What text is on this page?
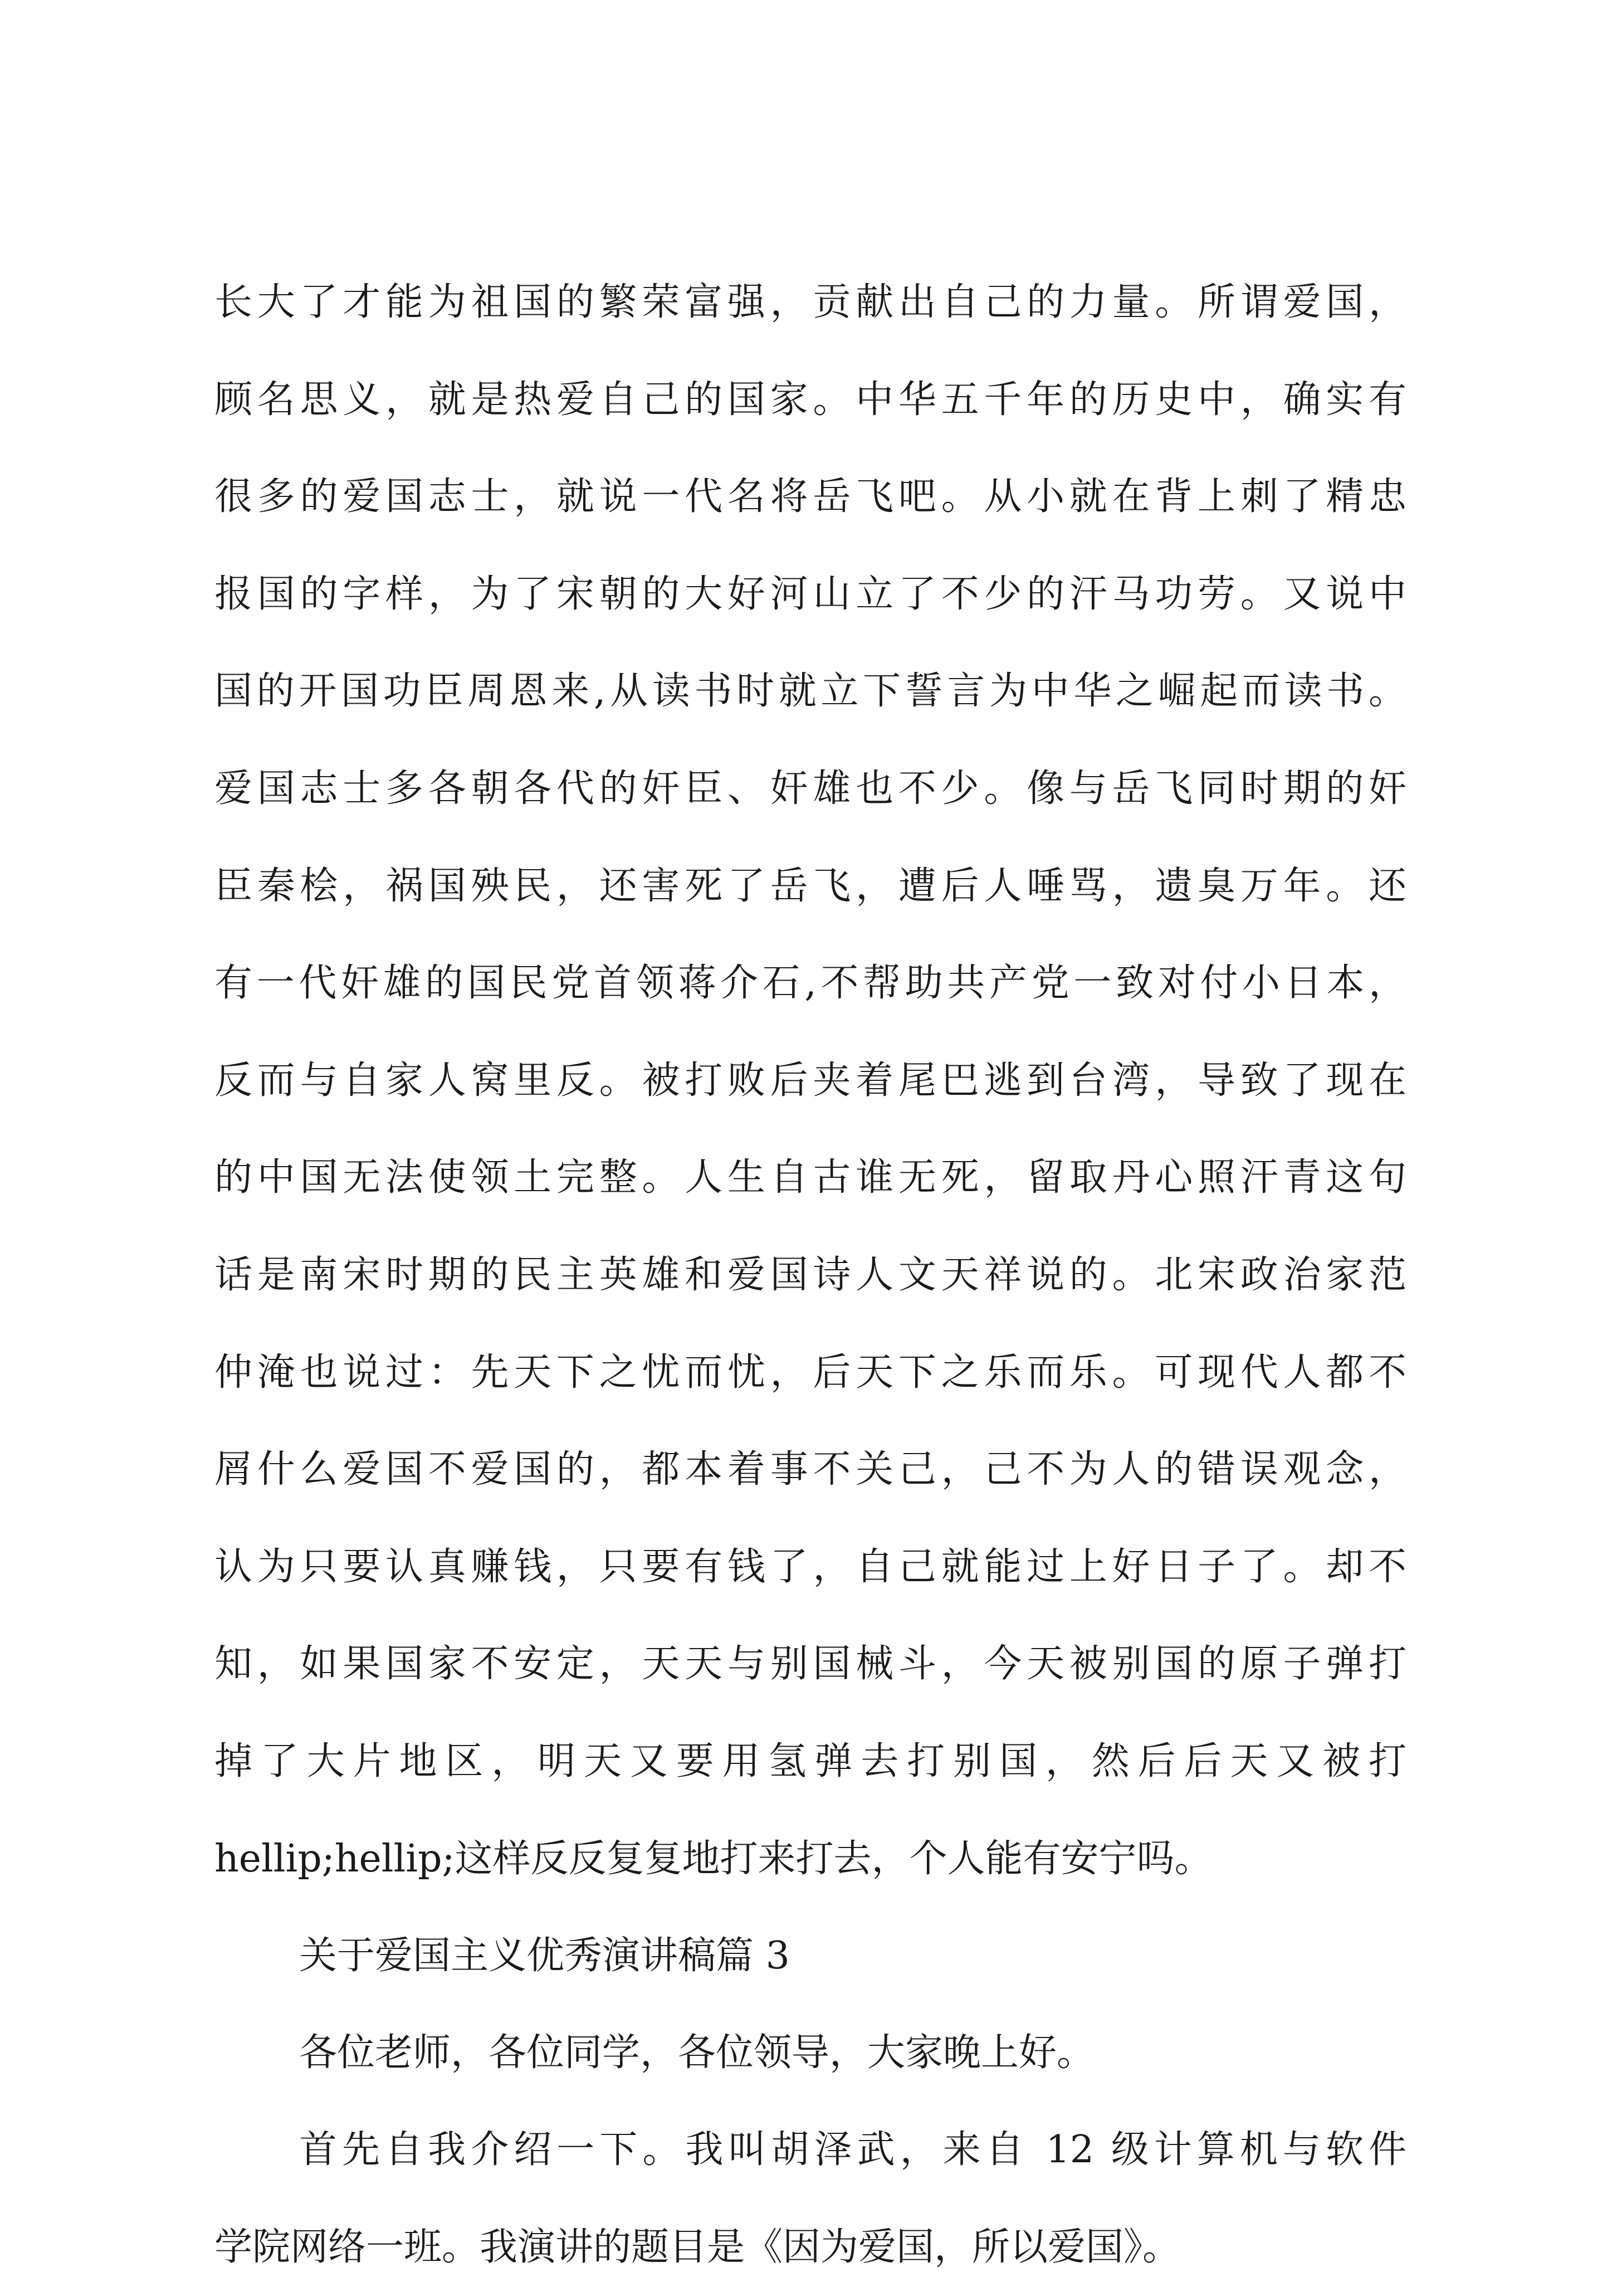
长大了才能为祖国的繁荣富强，贡献出自己的力量。所谓爱国，
顾名思义，就是热爱自己的国家。中华五千年的历史中，确实有
很多的爱国志士，就说一代名将岳飞吧。从小就在背上刺了精忠
报国的字样，为了宋朝的大好河山立了不少的汗马功劳。又说中
国的开国功臣周恩来,从读书时就立下誓言为中华之崛起而读书。
爱国志士多各朝各代的奸臣、奸雄也不少。像与岳飞同时期的奸
臣秦桧，祸国殃民，还害死了岳飞，遭后人唾骂，遗臭万年。还
有一代奸雄的国民党首领蒋介石,不帮助共产党一致对付小日本，
反而与自家人窝里反。被打败后夹着尾巴逃到台湾，导致了现在
的中国无法使领土完整。人生自古谁无死，留取丹心照汗青这句
话是南宋时期的民主英雄和爱国诗人文天祥说的。北宋政治家范
仲淹也说过：先天下之忧而忧，后天下之乐而乐。可现代人都不
屑什么爱国不爱国的，都本着事不关己，己不为人的错误观念，
认为只要认真赚钱，只要有钱了，自己就能过上好日子了。却不
知，如果国家不安定，天天与别国械斗，今天被别国的原子弹打
掉了大片地区，明天又要用氢弹去打别国，然后后天又被打
hellip;hellip;这样反反复复地打来打去，个人能有安宁吗。
关于爱国主义优秀演讲稿篇 3
各位老师，各位同学，各位领导，大家晚上好。
首先自我介绍一下。我叫胡泽武，来自 12 级计算机与软件
学院网络一班。我演讲的题目是《因为爱国，所以爱国》。
